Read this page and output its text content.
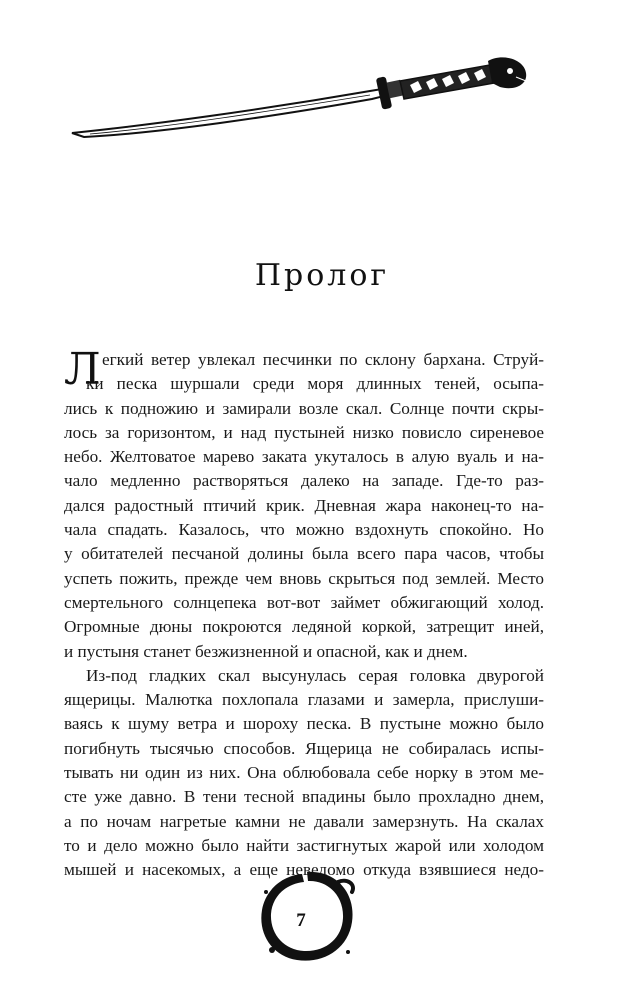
Пролог
Л егкий ветер увлекал песчинки по склону бархана. Струй-

ки песка шуршали среди моря длинных теней, осыпа-

лись к подножию и замирали возле скал. Солнце почти скры-

лось за горизонтом, и над пустыней низко повисло сиреневое

небо. Желтоватое марево заката укуталось в алую вуаль и на-

чало медленно растворяться далеко на западе. Где-то раз-

дался радостный птичий крик. Дневная жара наконец-то на-

чала спадать. Казалось, что можно вздохнуть спокойно. Но

у обитателей песчаной долины была всего пара часов, чтобы

успеть пожить, прежде чем вновь скрыться под землей. Место

смертельного солнцепека вот-вот займет обжигающий холод.

Огромные дюны покроются ледяной коркой, затрещит иней,

и пустыня станет безжизненной и опасной, как и днем.

Из-под гладких скал высунулась серая головка двурогой

ящерицы. Малютка похлопала глазами и замерла, прислуши-

ваясь к шуму ветра и шороху песка. В пустыне можно было

погибнуть тысячью способов. Ящерица не собиралась испы-

тывать ни один из них. Она облюбовала себе норку в этом ме-

сте уже давно. В тени тесной впадины было прохладно днем,

а по ночам нагретые камни не давали замерзнуть. На скалах

то и дело можно было найти застигнутых жарой или холодом

мышей и насекомых, а еще неведомо откуда взявшиеся недо-

7
